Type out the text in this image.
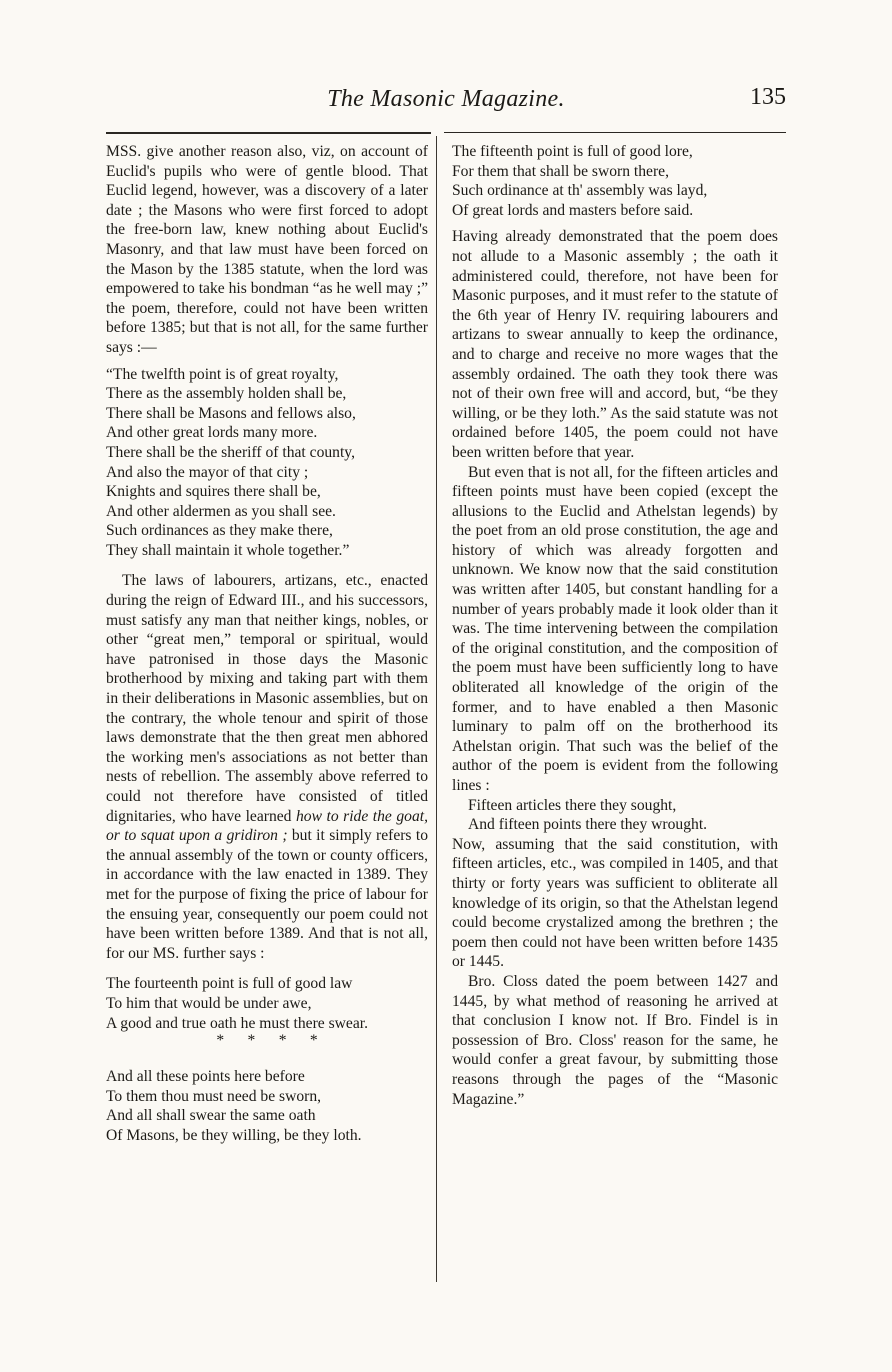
The Masonic Magazine.	135

MSS. give another reason also, viz, on account of Euclid's pupils who were of gentle blood. That Euclid legend, however, was a discovery of a later date ; the Masons who were first forced to adopt the free-born law, knew nothing about Euclid's Masonry, and that law must have been forced on the Mason by the 1385 statute, when the lord was empowered to take his bondman “as he well may ;” the poem, therefore, could not have been written before 1385; but that is not all, for the same further says :—

“The twelfth point is of great royalty,
There as the assembly holden shall be,
There shall be Masons and fellows also,
And other great lords many more.
There shall be the sheriff of that county,
And also the mayor of that city ;
Knights and squires there shall be,
And other aldermen as you shall see.
Such ordinances as they make there,
They shall maintain it whole together.”

The laws of labourers, artizans, etc., enacted during the reign of Edward III., and his successors, must satisfy any man that neither kings, nobles, or other “great men,” temporal or spiritual, would have patronised in those days the Masonic brotherhood by mixing and taking part with them in their deliberations in Masonic assemblies, but on the contrary, the whole tenour and spirit of those laws demonstrate that the then great men abhored the working men's associations as not better than nests of rebellion. The assembly above referred to could not therefore have consisted of titled dignitaries, who have learned how to ride the goat, or to squat upon a gridiron ; but it simply refers to the annual assembly of the town or county officers, in accordance with the law enacted in 1389. They met for the purpose of fixing the price of labour for the ensuing year, consequently our poem could not have been written before 1389. And that is not all, for our MS. further says :

The fourteenth point is full of good law
To him that would be under awe,
A good and true oath he must there swear.
*      *      *      *
And all these points here before
To them thou must need be sworn,
And all shall swear the same oath
Of Masons, be they willing, be they loth.
The fifteenth point is full of good lore,
For them that shall be sworn there,
Such ordinance at th' assembly was layd,
Of great lords and masters before said.

Having already demonstrated that the poem does not allude to a Masonic assembly ; the oath it administered could, therefore, not have been for Masonic purposes, and it must refer to the statute of the 6th year of Henry IV. requiring labourers and artizans to swear annually to keep the ordinance, and to charge and receive no more wages that the assembly ordained. The oath they took there was not of their own free will and accord, but, “be they willing, or be they loth.” As the said statute was not ordained before 1405, the poem could not have been written before that year.

But even that is not all, for the fifteen articles and fifteen points must have been copied (except the allusions to the Euclid and Athelstan legends) by the poet from an old prose constitution, the age and history of which was already forgotten and unknown. We know now that the said constitution was written after 1405, but constant handling for a number of years probably made it look older than it was. The time intervening between the compilation of the original constitution, and the composition of the poem must have been sufficiently long to have obliterated all knowledge of the origin of the former, and to have enabled a then Masonic luminary to palm off on the brotherhood its Athelstan origin. That such was the belief of the author of the poem is evident from the following lines :

Fifteen articles there they sought,
And fifteen points there they wrought.

Now, assuming that the said constitution, with fifteen articles, etc., was compiled in 1405, and that thirty or forty years was sufficient to obliterate all knowledge of its origin, so that the Athelstan legend could become crystalized among the brethren ; the poem then could not have been written before 1435 or 1445.

Bro. Closs dated the poem between 1427 and 1445, by what method of reasoning he arrived at that conclusion I know not. If Bro. Findel is in possession of Bro. Closs' reason for the same, he would confer a great favour, by submitting those reasons through the pages of the “Masonic Magazine.”
